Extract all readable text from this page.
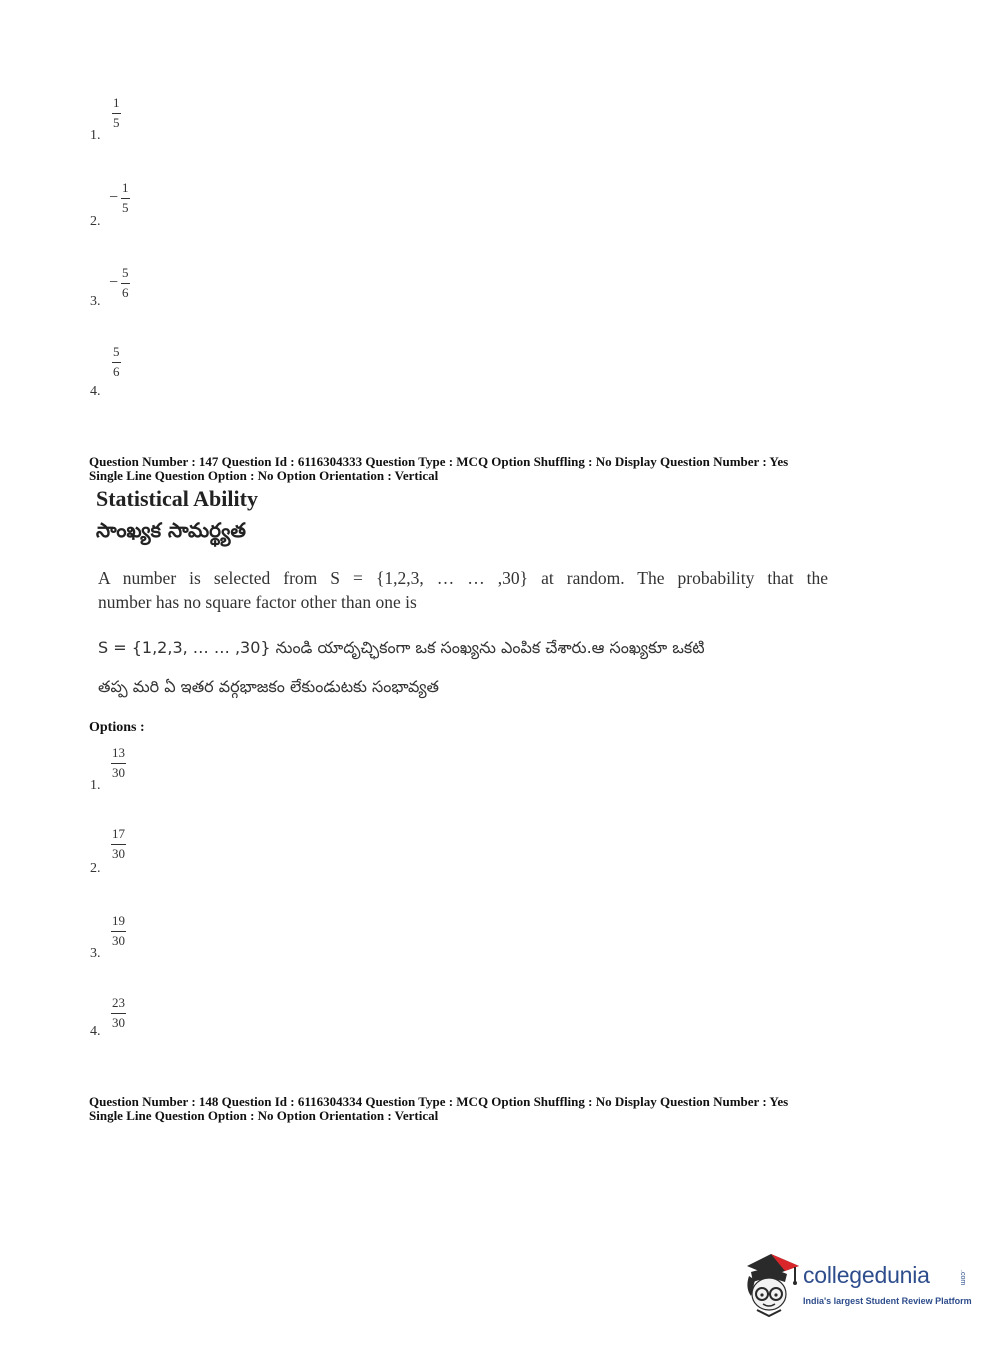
$\frac{1}{5}$
1.
− $\frac{1}{5}$
2.
− $\frac{5}{6}$
3.
$\frac{5}{6}$
4.
Question Number : 147 Question Id : 6116304333 Question Type : MCQ Option Shuffling : No Display Question Number : Yes
Single Line Question Option : No Option Orientation : Vertical
Statistical Ability
సాంఖ్యక సామర్థ్యత
A number is selected from S = {1,2,3, … … ,30} at random. The probability that the
number has no square factor other than one is
S = {1,2,3, … … ,30} నుండి యాదృచ్ఛికంగా ఒక సంఖ్యను ఎంపిక చేశారు.ఆ సంఖ్యకూ ఒకటి
తప్ప మరి ఏ ఇతర వర్గభాజకం లేకుండుటకు సంభావ్యత
Options :
$\frac{13}{30}$
1.
$\frac{17}{30}$
2.
$\frac{19}{30}$
3.
$\frac{23}{30}$
4.
Question Number : 148 Question Id : 6116304334 Question Type : MCQ Option Shuffling : No Display Question Number : Yes
Single Line Question Option : No Option Orientation : Vertical
collegedunia	.com
India's largest Student Review Platform
